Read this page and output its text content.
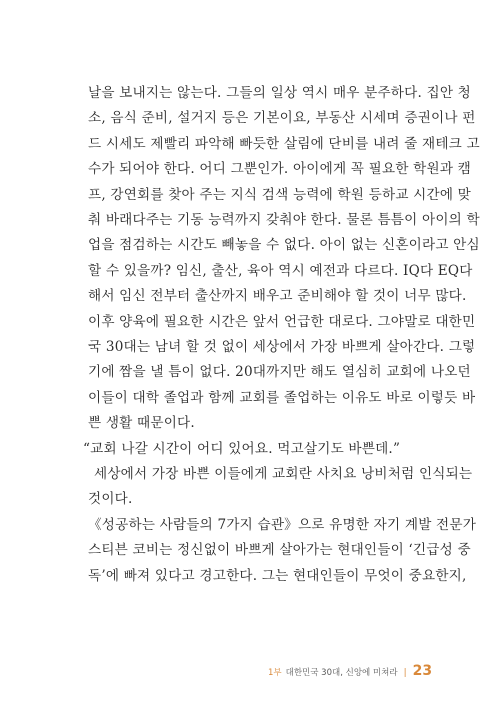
날을 보내지는 않는다. 그들의 일상 역시 매우 분주하다. 집안 청
소, 음식 준비, 설거지 등은 기본이요, 부동산 시세며 증권이나 펀
드 시세도 제빨리 파악해 빠듯한 살림에 단비를 내려 줄 재테크 고
수가 되어야 한다. 어디 그뿐인가. 아이에게 꼭 필요한 학원과 캠
프, 강연회를 찾아 주는 지식 검색 능력에 학원 등하교 시간에 맞
춰 바래다주는 기동 능력까지 갖춰야 한다. 물론 틈틈이 아이의 학
업을 점검하는 시간도 빼놓을 수 없다. 아이 없는 신혼이라고 안심
할 수 있을까? 임신, 출산, 육아 역시 예전과 다르다. IQ다 EQ다
해서 임신 전부터 출산까지 배우고 준비해야 할 것이 너무 많다.
이후 양육에 필요한 시간은 앞서 언급한 대로다. 그야말로 대한민
국 30대는 남녀 할 것 없이 세상에서 가장 바쁘게 살아간다. 그렇
기에 짬을 낼 틈이 없다. 20대까지만 해도 열심히 교회에 나오던
이들이 대학 졸업과 함께 교회를 졸업하는 이유도 바로 이렇듯 바
쁜 생활 때문이다.
“교회 나갈 시간이 어디 있어요. 먹고살기도 바쁜데.”
세상에서 가장 바쁜 이들에게 교회란 사치요 낭비처럼 인식되는
것이다.
《성공하는 사람들의 7가지 습관》으로 유명한 자기 계발 전문가
스티븐 코비는 정신없이 바쁘게 살아가는 현대인들이 ‘긴급성 중
독’에 빠져 있다고 경고한다. 그는 현대인들이 무엇이 중요한지,
1부 대한민국 30대, 신앙에 미쳐라 | 23
